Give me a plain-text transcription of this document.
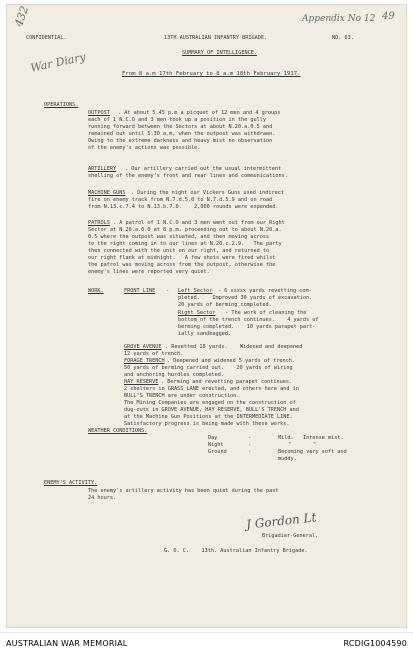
432
War Diary
Appendix No 12 49
CONFIDENTIAL.	13TH AUSTRALIAN INFANTRY BRIGADE.	NO. 63.
SUMMARY OF INTELLIGENCE.
From 8 a.m 17th February to 8 a.m 18th February 1917.
OPERATIONS.
OUTPOST . At about 5.45 p.m a picquet of 12 men and 4 groups
each of 1 N.C.O and 3 men took up a position in the gully
running forward between the Sectors at about N.20.a.0.5 and
remained out until 5.30 a.m, when the outpost was withdrawn.
Owing to the extreme darkness and heavy mist no observation
of the enemy's actions was possible.
ARTILLERY . Our artillery carried out the usual intermittent
shelling of the enemy's front and rear lines and communications.
MACHINE GUNS . During the night our Vickers Guns used indirect
fire on enemy track from N.7.d.5.0 to N.7.d.5.9 and on road
from N.13.c.7.4 to N.13.b.7.0.    2,000 rounds were expended.
PATROLS . A patrol of 1 N.C.O and 3 men went out from our Right
Sector at N.20.a.0.0 at 8 p.m, proceeding out to about N.20.a.
0.5 where the outpost was situated, and then moving across
to the right coming in to our lines at N.20.c.2.9.   The party
then connected with the unit on our right, and returned to
our right flank at midnight.   A few shots were fired whilst
the patrol was moving across from the outpost, otherwise the
enemy's lines were reported very quiet.
WORK.	FRONT LINE - Left Sector - 6 xxxxx yards revetting com-
pleted.    Improved 30 yards of excavation.
20 yards of berming completed.
Right Sector - The work of cleaning the
bottom of the trench continues.    4 yards of
berming completed.    10 yards parapet part-
ially sandbagged.
GROVE AVENUE . Revetted 18 yards.    Widened and deepened
12 yards of trench.
FORAGE TRENCH . Deepened and widened 5 yards of trench.
50 yards of berming carried out.    20 yards of wiring
and anchoring hurdles completed.
HAY RESERVE . Berming and revetting parapet continues.
2 shelters in GRASS LANE erected, and others here and in
BULL'S TRENCH are under construction.
The Mining Companies are engaged on the construction of
dug-outs in GROVE AVENUE, HAY RESERVE, BULL'S TRENCH and
at the Machine Gun Positions at the INTERMEDIATE LINE.
Satisfactory progress is being made with these works.
WEATHER CONDITIONS.
Day	-	Mild.   Intense mist.
Night	-	"       "
Ground	-	Becoming very soft and
muddy.
ENEMY'S ACTIVITY.
The enemy's artillery activity has been quiet during the past
24 hours.
J Gordon Lt
Brigadier-General,
G. O. C.    13th. Australian Infantry Brigade.
AUSTRALIAN WAR MEMORIAL	RCDIG1004590
